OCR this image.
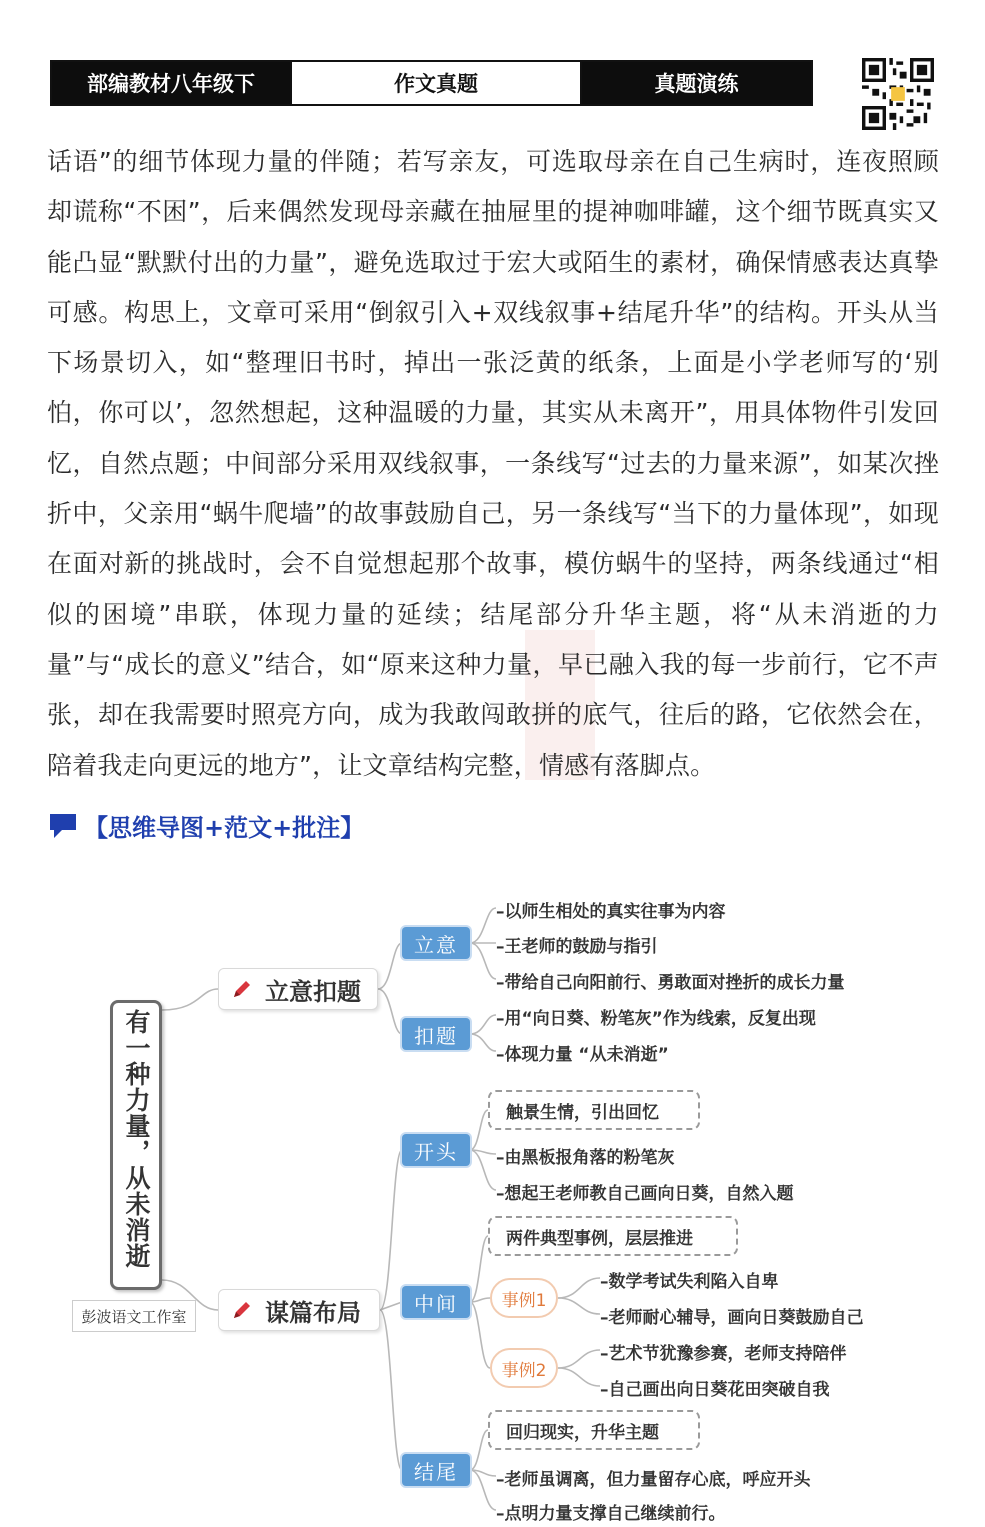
部编教材八年级下	作文真题	真题演练

话语”的细节体现力量的伴随；若写亲友，可选取母亲在自己生病时，连夜照顾却谎称“不困”，后来偶然发现母亲藏在抽屉里的提神咖啡罐，这个细节既真实又能凸显“默默付出的力量”，避免选取过于宏大或陌生的素材，确保情感表达真挚可感。构思上，文章可采用“倒叙引入+双线叙事+结尾升华”的结构。开头从当下场景切入，如“整理旧书时，掉出一张泛黄的纸条，上面是小学老师写的‘别怕，你可以’，忽然想起，这种温暖的力量，其实从未离开”，用具体物件引发回忆，自然点题；中间部分采用双线叙事，一条线写“过去的力量来源”，如某次挫折中，父亲用“蜗牛爬墙”的故事鼓励自己，另一条线写“当下的力量体现”，如现在面对新的挑战时，会不自觉想起那个故事，模仿蜗牛的坚持，两条线通过“相似的困境”串联，体现力量的延续；结尾部分升华主题，将“从未消逝的力量”与“成长的意义”结合，如“原来这种力量，早已融入我的每一步前行，它不声张，却在我需要时照亮方向，成为我敢闯敢拼的底气，往后的路，它依然会在，陪着我走向更远的地方”，让文章结构完整，情感有落脚点。

【思维导图+范文+批注】
有一种力量，从未消逝
彭波语文工作室
立意扣题
谋篇布局
立意
扣题
开头
中间
结尾
–以师生相处的真实往事为内容
–王老师的鼓励与指引
–带给自己向阳前行、勇敢面对挫折的成长力量
–用“向日葵、粉笔灰”作为线索，反复出现
–体现力量 “从未消逝”
触景生情，引出回忆
–由黑板报角落的粉笔灰
–想起王老师教自己画向日葵，自然入题
两件典型事例，层层推进
事例1
–数学考试失利陷入自卑
–老师耐心辅导，画向日葵鼓励自己
事例2
–艺术节犹豫参赛，老师支持陪伴
–自己画出向日葵花田突破自我
回归现实，升华主题
–老师虽调离，但力量留存心底，呼应开头
–点明力量支撑自己继续前行。
